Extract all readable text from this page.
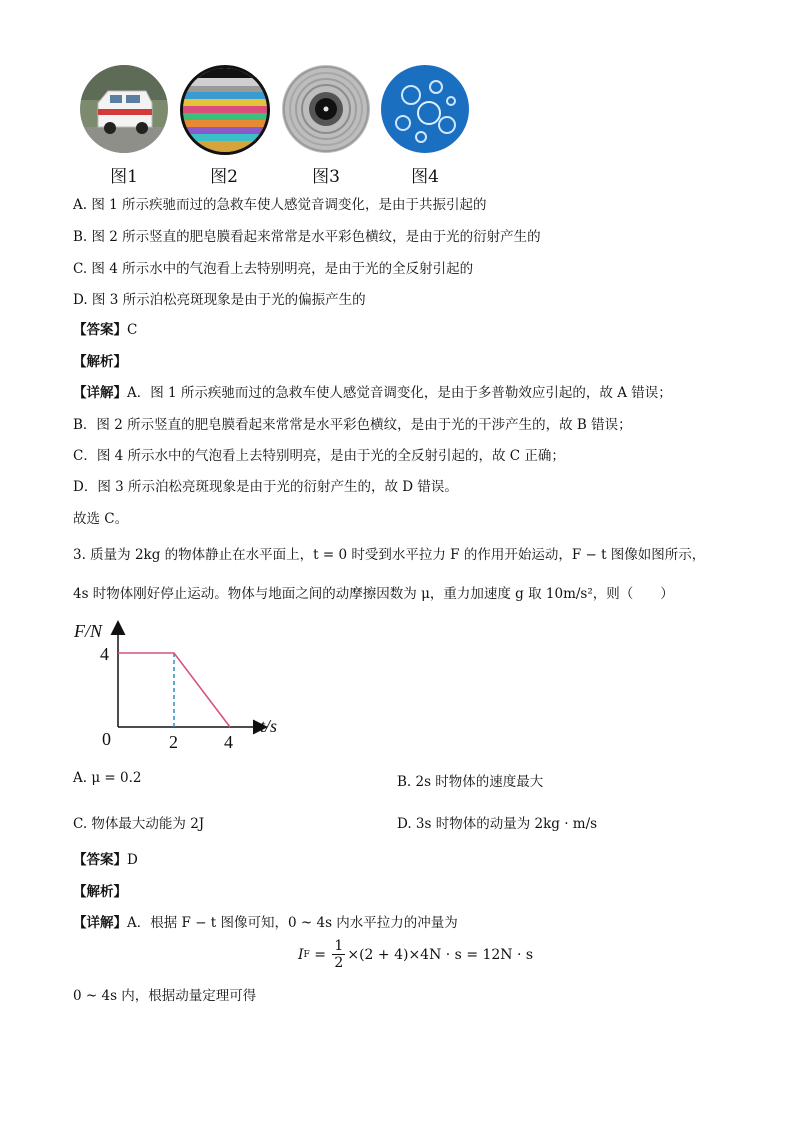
图1	图2	图3	图4
A. 图 1 所示疾驰而过的急救车使人感觉音调变化，是由于共振引起的
B. 图 2 所示竖直的肥皂膜看起来常常是水平彩色横纹，是由于光的衍射产生的
C. 图 4 所示水中的气泡看上去特别明亮，是由于光的全反射引起的
D. 图 3 所示泊松亮斑现象是由于光的偏振产生的
【答案】C
【解析】
【详解】A．图 1 所示疾驰而过的急救车使人感觉音调变化，是由于多普勒效应引起的，故 A 错误；
B．图 2 所示竖直的肥皂膜看起来常常是水平彩色横纹，是由于光的干涉产生的，故 B 错误；
C．图 4 所示水中的气泡看上去特别明亮，是由于光的全反射引起的，故 C 正确；
D．图 3 所示泊松亮斑现象是由于光的衍射产生的，故 D 错误。
故选 C。
3. 质量为 2kg 的物体静止在水平面上，t = 0 时受到水平拉力 F 的作用开始运动，F − t 图像如图所示，
4s 时物体刚好停止运动。物体与地面之间的动摩擦因数为 μ，重力加速度 g 取 10m/s²，则（　　）
4
0	2	4
F/N
t/s
A. μ = 0.2	B. 2s 时物体的速度最大
C. 物体最大动能为 2J	D. 3s 时物体的动量为 2kg · m/s
【答案】D
【解析】
【详解】A．根据 F − t 图像可知，0 ~ 4s 内水平拉力的冲量为
I $F = \frac{1}{2} \times(2 + 4)\times 4N \cdot s = 12N \cdot s$
0 ~ 4s 内，根据动量定理可得
